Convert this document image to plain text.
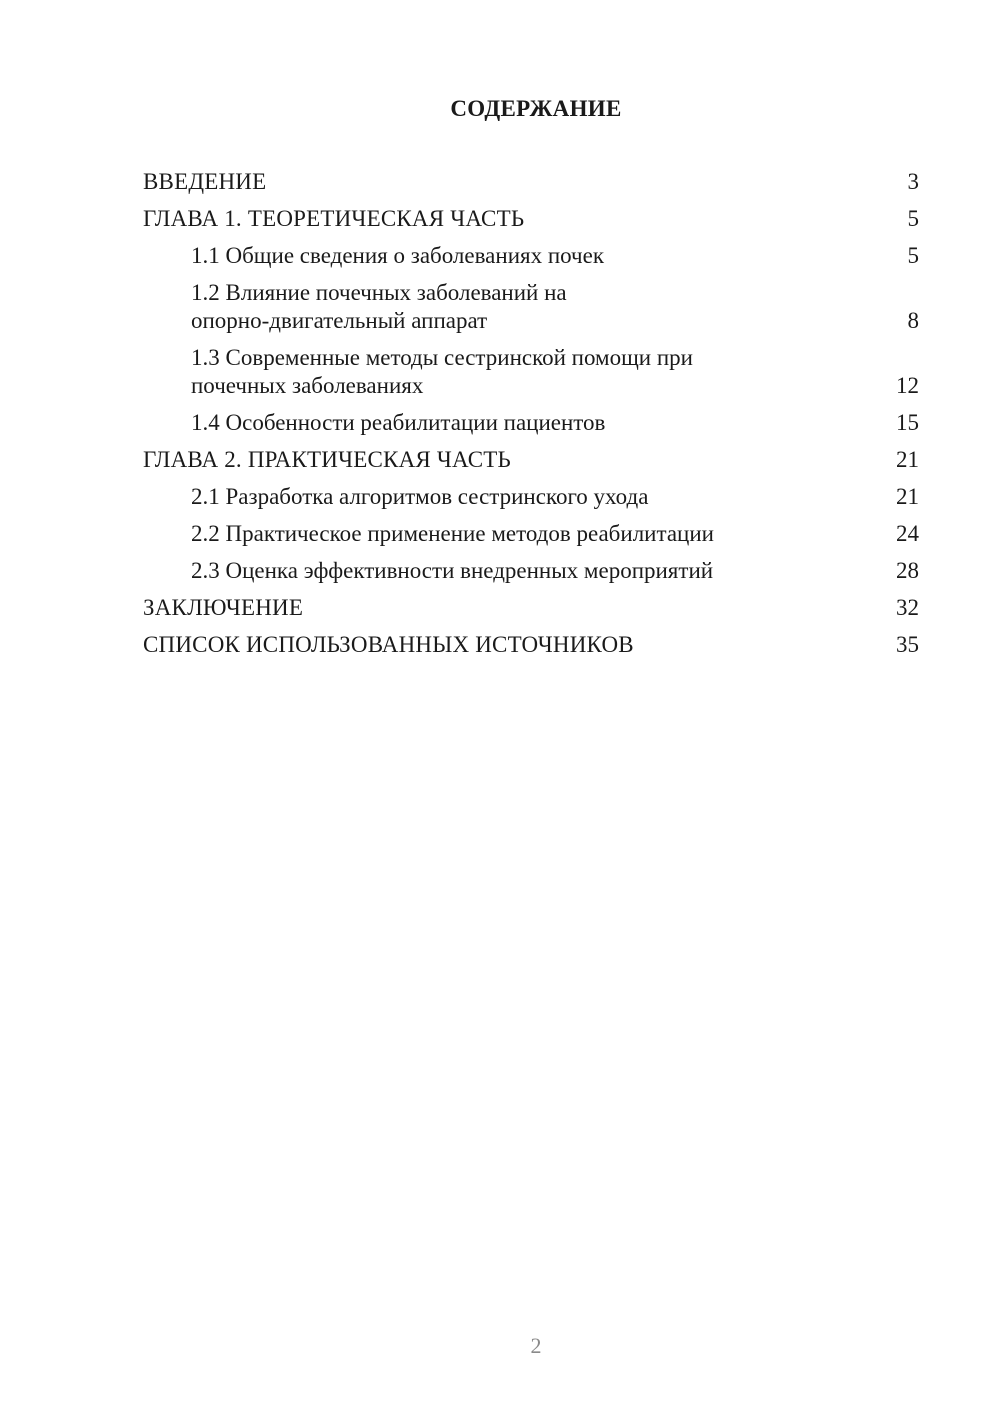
СОДЕРЖАНИЕ
ВВЕДЕНИЕ	3
ГЛАВА 1. ТЕОРЕТИЧЕСКАЯ ЧАСТЬ	5
1.1 Общие сведения о заболеваниях почек	5
1.2 Влияние почечных заболеваний на
опорно-двигательный аппарат	8
1.3 Современные методы сестринской помощи при
почечных заболеваниях	12
1.4 Особенности реабилитации пациентов	15
ГЛАВА 2. ПРАКТИЧЕСКАЯ ЧАСТЬ	21
2.1 Разработка алгоритмов сестринского ухода	21
2.2 Практическое применение методов реабилитации	24
2.3 Оценка эффективности внедренных мероприятий	28
ЗАКЛЮЧЕНИЕ	32
СПИСОК ИСПОЛЬЗОВАННЫХ ИСТОЧНИКОВ	35
2
